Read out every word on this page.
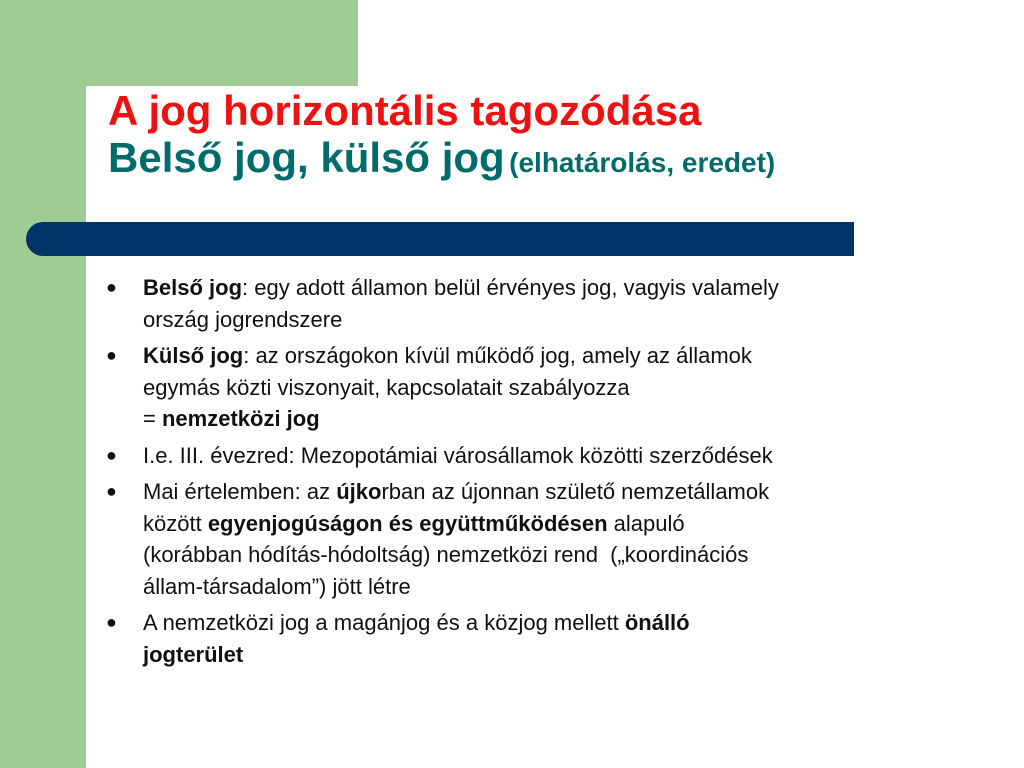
A jog horizontális tagozódása
Belső jog, külső jog (elhatárolás, eredet)
● Belső jog: egy adott államon belül érvényes jog, vagyis valamely
ország jogrendszere
● Külső jog: az országokon kívül működő jog, amely az államok
egymás közti viszonyait, kapcsolatait szabályozza
= nemzetközi jog
● I.e. III. évezred: Mezopotámiai városállamok közötti szerződések
● Mai értelemben: az újkorban az újonnan születő nemzetállamok
között egyenjogúságon és együttműködésen alapuló
(korábban hódítás-hódoltság) nemzetközi rend  („koordinációs
állam-társadalom”) jött létre
● A nemzetközi jog a magánjog és a közjog mellett önálló
jogterület
